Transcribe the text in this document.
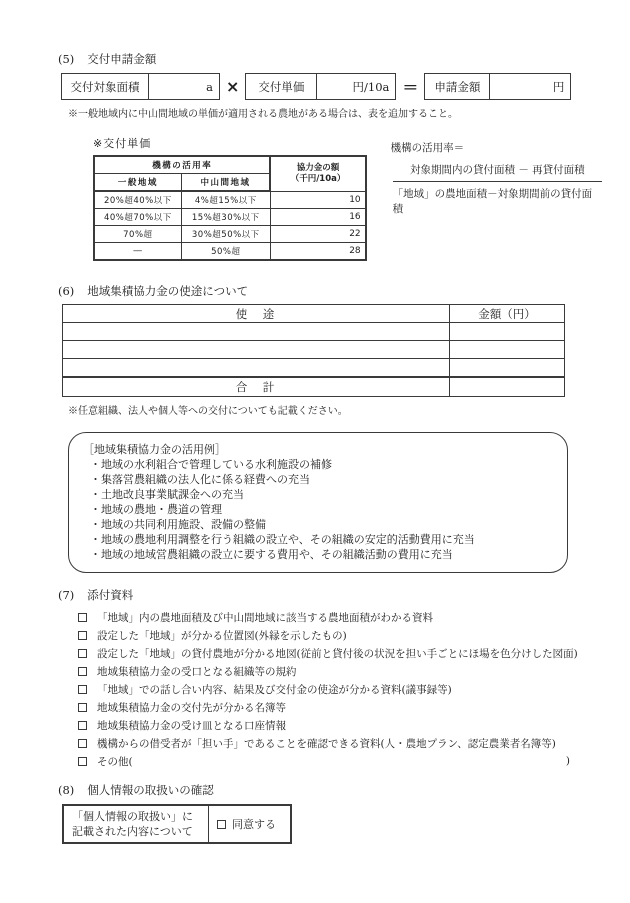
(5) 交付申請金額
交付対象面積	a ×	交付単価	円/10a ＝	申請金額	円
※一般地域内に中山間地域の単価が適用される農地がある場合は、表を追加すること。
※交付単価
機構の活用率		協力金の額
（千円/10a）

一般地域	中山間地域	
20%超40%以下	4%超15%以下	10
40%超70%以下	15%超30%以下	16
70%超	30%超50%以下	22
―	50%超	28
機構の活用率＝
対象期間内の貸付面積 － 再貸付面積
「地域」の農地面積－対象期間前の貸付面積
(6) 地域集積協力金の使途について
使　途	金額（円）

合　計	
※任意組織、法人や個人等への交付についても記載ください。
［地域集積協力金の活用例］
・ 地域の水利組合で管理している水利施設の補修
・ 集落営農組織の法人化に係る経費への充当
・ 土地改良事業賦課金への充当
・ 地域の農地・農道の管理
・ 地域の共同利用施設、設備の整備
・ 地域の農地利用調整を行う組織の設立や、その組織の安定的活動費用に充当
・ 地域の地域営農組織の設立に要する費用や、その組織活動の費用に充当
(7) 添付資料
「地域」内の農地面積及び中山間地域に該当する農地面積がわかる資料
設定した「地域」が分かる位置図(外縁を示したもの)
設定した「地域」の貸付農地が分かる地図(従前と貸付後の状況を担い手ごとにほ場を色分けした図面)
地域集積協力金の受口となる組織等の規約
「地域」での話し合い内容、結果及び交付金の使途が分かる資料(議事録等)
地域集積協力金の交付先が分かる名簿等
地域集積協力金の受け皿となる口座情報
機構からの借受者が「担い手」であることを確認できる資料(人・農地プラン、認定農業者名簿等)
その他(	)
(8) 個人情報の取扱いの確認
「個人情報の取扱い」に
記載された内容について
同意する
